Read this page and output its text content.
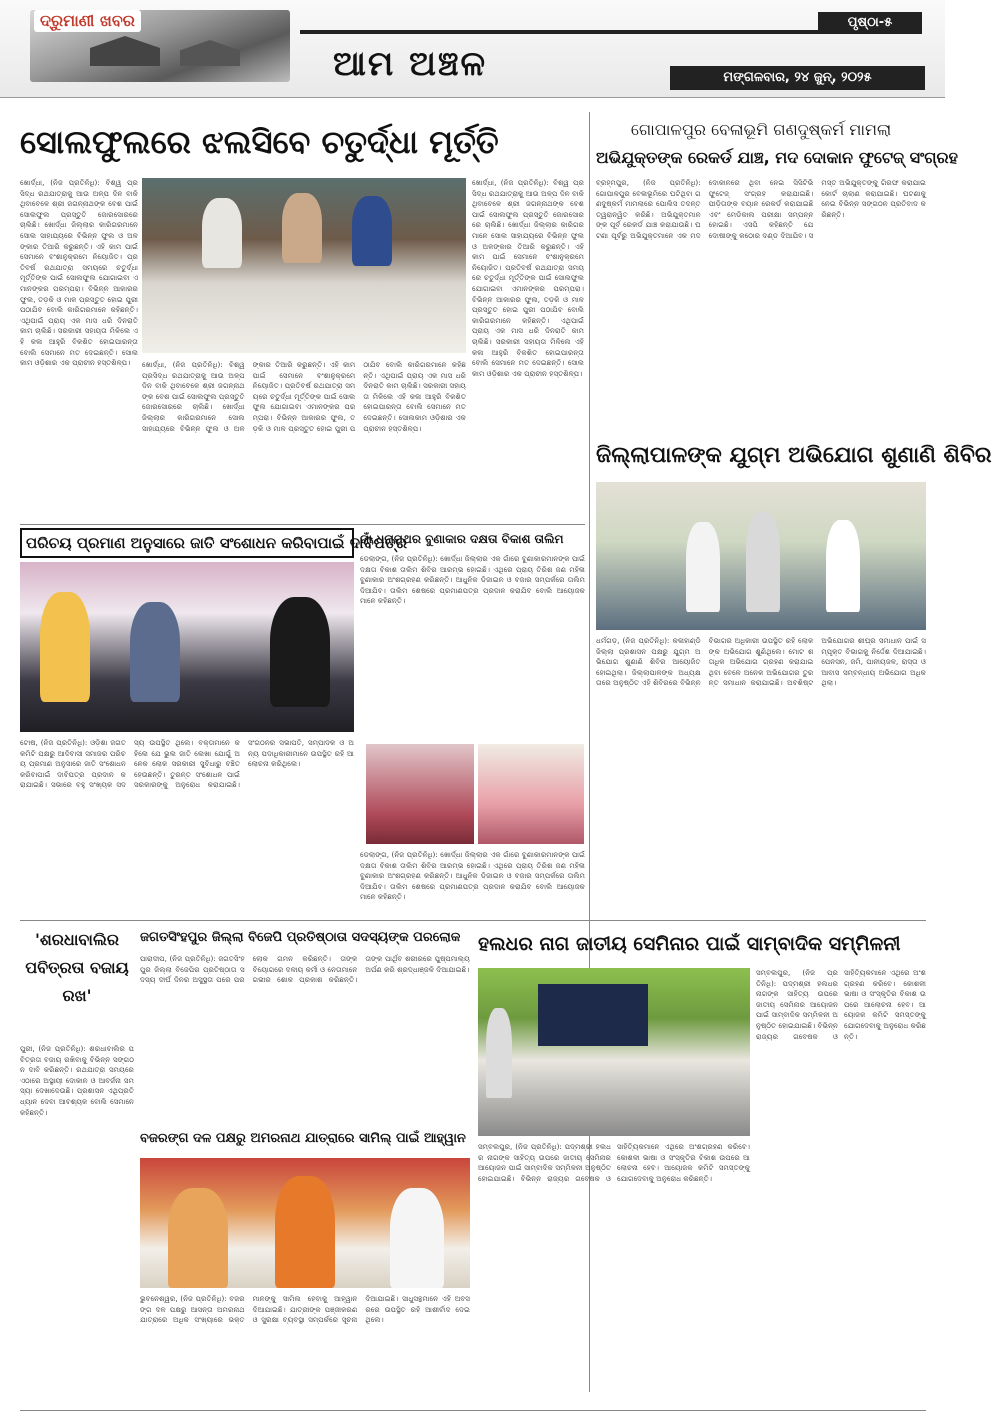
ଦ୍ରୁମାଣୀ ଖବର
ଆମ ଅଞ୍ଚଳ
ପୃଷ୍ଠା-୫
ମଙ୍ଗଳବାର, ୨୪ ଜୁନ୍, ୨୦୨୫
ସୋଲଫୁଲରେ ଝଲସିବେ ଚତୁର୍ଦ୍ଧା ମୂର୍ତ୍ତି
ଖୋର୍ଦ୍ଧା, (ନିଜ ପ୍ରତିନିଧି): ବିଶ୍ୱ ପ୍ରସିଦ୍ଧ ରଥଯାତ୍ରାକୁ ଆଉ ଅଳ୍ପ ଦିନ ବାକି ଥିବାବେଳେ ଶ୍ରୀ ଜଗନ୍ନାଥଙ୍କ ବେଶ ପାଇଁ ସୋଲଫୁଲ ପ୍ରସ୍ତୁତି ଜୋରସୋରରେ ଚାଲିଛି। ଖୋର୍ଦ୍ଧା ଜିଲ୍ଲାର କାରିଗରମାନେ ସୋଲ ସାହାଯ୍ୟରେ ବିଭିନ୍ନ ଫୁଲ ଓ ଅଳଙ୍କାର ତିଆରି କରୁଛନ୍ତି। ଏହି କାମ ପାଇଁ ସେମାନେ ବଂଶାନୁକ୍ରମେ ନିୟୋଜିତ। ପ୍ରତିବର୍ଷ ରଥଯାତ୍ରା ସମୟରେ ଚତୁର୍ଦ୍ଧା ମୂର୍ତ୍ତିଙ୍କ ପାଇଁ ସୋଲଫୁଲ ଯୋଗାଇବା ଏମାନଙ୍କର ପରମ୍ପରା। ବିଭିନ୍ନ ଆକାରର ଫୁଲ, ତଡ଼କି ଓ ମାଳ ପ୍ରସ୍ତୁତ ହୋଇ ପୁରୀ ପଠାଯିବ ବୋଲି କାରିଗରମାନେ କହିଛନ୍ତି। ଏଥିପାଇଁ ପ୍ରାୟ ଏକ ମାସ ଧରି ଦିନରାତି କାମ ଚାଲିଛି। ସରକାରୀ ସହାୟତା ମିଳିଲେ ଏହି କଳା ଆହୁରି ବିକଶିତ ହୋଇପାରନ୍ତା ବୋଲି ସେମାନେ ମତ ଦେଇଛନ୍ତି। ସୋଲକାମ ଓଡ଼ିଶାର ଏକ ପ୍ରାଚୀନ ହସ୍ତଶିଳ୍ପ।	ଖୋର୍ଦ୍ଧା, (ନିଜ ପ୍ରତିନିଧି): ବିଶ୍ୱ ପ୍ରସିଦ୍ଧ ରଥଯାତ୍ରାକୁ ଆଉ ଅଳ୍ପ ଦିନ ବାକି ଥିବାବେଳେ ଶ୍ରୀ ଜଗନ୍ନାଥଙ୍କ ବେଶ ପାଇଁ ସୋଲଫୁଲ ପ୍ରସ୍ତୁତି ଜୋରସୋରରେ ଚାଲିଛି। ଖୋର୍ଦ୍ଧା ଜିଲ୍ଲାର କାରିଗରମାନେ ସୋଲ ସାହାଯ୍ୟରେ ବିଭିନ୍ନ ଫୁଲ ଓ ଅଳଙ୍କାର ତିଆରି କରୁଛନ୍ତି। ଏହି କାମ ପାଇଁ ସେମାନେ ବଂଶାନୁକ୍ରମେ ନିୟୋଜିତ। ପ୍ରତିବର୍ଷ ରଥଯାତ୍ରା ସମୟରେ ଚତୁର୍ଦ୍ଧା ମୂର୍ତ୍ତିଙ୍କ ପାଇଁ ସୋଲଫୁଲ ଯୋଗାଇବା ଏମାନଙ୍କର ପରମ୍ପରା। ବିଭିନ୍ନ ଆକାରର ଫୁଲ, ତଡ଼କି ଓ ମାଳ ପ୍ରସ୍ତୁତ ହୋଇ ପୁରୀ ପଠାଯିବ ବୋଲି କାରିଗରମାନେ କହିଛନ୍ତି। ଏଥିପାଇଁ ପ୍ରାୟ ଏକ ମାସ ଧରି ଦିନରାତି କାମ ଚାଲିଛି। ସରକାରୀ ସହାୟତା ମିଳିଲେ ଏହି କଳା ଆହୁରି ବିକଶିତ ହୋଇପାରନ୍ତା ବୋଲି ସେମାନେ ମତ ଦେଇଛନ୍ତି। ସୋଲକାମ ଓଡ଼ିଶାର ଏକ ପ୍ରାଚୀନ ହସ୍ତଶିଳ୍ପ।
ଖୋର୍ଦ୍ଧା, (ନିଜ ପ୍ରତିନିଧି): ବିଶ୍ୱ ପ୍ରସିଦ୍ଧ ରଥଯାତ୍ରାକୁ ଆଉ ଅଳ୍ପ ଦିନ ବାକି ଥିବାବେଳେ ଶ୍ରୀ ଜଗନ୍ନାଥଙ୍କ ବେଶ ପାଇଁ ସୋଲଫୁଲ ପ୍ରସ୍ତୁତି ଜୋରସୋରରେ ଚାଲିଛି। ଖୋର୍ଦ୍ଧା ଜିଲ୍ଲାର କାରିଗରମାନେ ସୋଲ ସାହାଯ୍ୟରେ ବିଭିନ୍ନ ଫୁଲ ଓ ଅଳଙ୍କାର ତିଆରି କରୁଛନ୍ତି। ଏହି କାମ ପାଇଁ ସେମାନେ ବଂଶାନୁକ୍ରମେ ନିୟୋଜିତ। ପ୍ରତିବର୍ଷ ରଥଯାତ୍ରା ସମୟରେ ଚତୁର୍ଦ୍ଧା ମୂର୍ତ୍ତିଙ୍କ ପାଇଁ ସୋଲଫୁଲ ଯୋଗାଇବା ଏମାନଙ୍କର ପରମ୍ପରା। ବିଭିନ୍ନ ଆକାରର ଫୁଲ, ତଡ଼କି ଓ ମାଳ ପ୍ରସ୍ତୁତ ହୋଇ ପୁରୀ ପଠାଯିବ ବୋଲି କାରିଗରମାନେ କହିଛନ୍ତି। ଏଥିପାଇଁ ପ୍ରାୟ ଏକ ମାସ ଧରି ଦିନରାତି କାମ ଚାଲିଛି। ସରକାରୀ ସହାୟତା ମିଳିଲେ ଏହି କଳା ଆହୁରି ବିକଶିତ ହୋଇପାରନ୍ତା ବୋଲି ସେମାନେ ମତ ଦେଇଛନ୍ତି। ସୋଲକାମ ଓଡ଼ିଶାର ଏକ ପ୍ରାଚୀନ ହସ୍ତଶିଳ୍ପ।
ଗୋପାଳପୁର ବେଳାଭୂମି ଗଣଦୁଷ୍କର୍ମ ମାମଲା
ଅଭିଯୁକ୍ତଙ୍କ ରେକର୍ଡ ଯାଞ୍ଚ, ମଦ ଦୋକାନ ଫୁଟେଜ୍ ସଂଗ୍ରହ
ବ୍ରହ୍ମପୁର, (ନିଜ ପ୍ରତିନିଧି): ଗୋପାଳପୁର ବେଳାଭୂମିରେ ଘଟିଥିବା ଗଣଦୁଷ୍କର୍ମ ମାମଲାରେ ପୋଲିସ ତଦନ୍ତ ତ୍ୱରାନ୍ୱିତ କରିଛି। ଅଭିଯୁକ୍ତମାନଙ୍କ ପୂର୍ବ ରେକର୍ଡ ଯାଞ୍ଚ କରାଯାଉଛି। ଘଟଣା ପୂର୍ବରୁ ଅଭିଯୁକ୍ତମାନେ ଏକ ମଦ ଦୋକାନରେ ଥିବା ନେଇ ସିସିଟିଭି ଫୁଟେଜ୍ ସଂଗ୍ରହ କରାଯାଇଛି। ପୀଡ଼ିତାଙ୍କ ବୟାନ ରେକର୍ଡ କରାଯାଇଛି ଏବଂ ମେଡିକାଲ ପରୀକ୍ଷା ସମ୍ପନ୍ନ ହୋଇଛି। ଏସପି କହିଛନ୍ତି ଯେ ଦୋଷୀଙ୍କୁ କଠୋର ଦଣ୍ଡ ଦିଆଯିବ। ସମସ୍ତ ଅଭିଯୁକ୍ତଙ୍କୁ ଗିରଫ କରାଯାଇ କୋର୍ଟ ଚାଲାଣ କରାଯାଇଛି। ଘଟଣାକୁ ନେଇ ବିଭିନ୍ନ ସଙ୍ଗଠନ ପ୍ରତିବାଦ କରିଛନ୍ତି।
ଜିଲ୍ଲାପାଳଙ୍କ ଯୁଗ୍ମ ଅଭିଯୋଗ ଶୁଣାଣି ଶିବିର
ଧର୍ମଗଡ଼, (ନିଜ ପ୍ରତିନିଧି): କଳାହାଣ୍ଡି ଜିଲ୍ଲା ପ୍ରଶାସନ ପକ୍ଷରୁ ଯୁଗ୍ମ ଅଭିଯୋଗ ଶୁଣାଣି ଶିବିର ଆୟୋଜିତ ହୋଇଥିଲା। ଜିଲ୍ଲାପାଳଙ୍କ ଅଧ୍ୟକ୍ଷତାରେ ଅନୁଷ୍ଠିତ ଏହି ଶିବିରରେ ବିଭିନ୍ନ ବିଭାଗର ଅଧିକାରୀ ଉପସ୍ଥିତ ରହି ଲୋକଙ୍କ ଅଭିଯୋଗ ଶୁଣିଥିଲେ। ମୋଟ ଶତାଧିକ ଅଭିଯୋଗ ଗ୍ରହଣ କରାଯାଇଥିବା ବେଳେ ଅନେକ ଅଭିଯୋଗର ତୁରନ୍ତ ସମାଧାନ କରାଯାଇଛି। ଅବଶିଷ୍ଟ ଅଭିଯୋଗର ଶୀଘ୍ର ସମାଧାନ ପାଇଁ ସମ୍ପୃକ୍ତ ବିଭାଗକୁ ନିର୍ଦ୍ଦେଶ ଦିଆଯାଇଛି। ପେନସନ, ଜମି, ପାନୀୟଜଳ, ରାସ୍ତା ଓ ଆବାସ ସମ୍ବନ୍ଧୀୟ ଅଭିଯୋଗ ଅଧିକ ଥିଲା।
ପରିଚୟ ପ୍ରମାଣ ଅନୁସାରେ ଜାତି ସଂଶୋଧନ କରିବାପାଇଁ ଦାବିପତ୍ର
ଟୋଷ, (ନିଜ ପ୍ରତିନିଧି): ଓଡ଼ିଶା ଜଗତ କମିଟି ପକ୍ଷରୁ ଆଦିବାସୀ ସମାଜର ପରିଚୟ ପ୍ରମାଣ ଅନୁସାରେ ଜାତି ସଂଶୋଧନ କରିବାପାଇଁ ଦାବିପତ୍ର ପ୍ରଦାନ କରାଯାଇଛି। ସଭାରେ ବହୁ ସଂଖ୍ୟକ ସଦସ୍ୟ ଉପସ୍ଥିତ ଥିଲେ। ବକ୍ତାମାନେ କହିଲେ ଯେ ଭୁଲ ଜାତି ଲେଖା ଯୋଗୁଁ ଅନେକ ଲୋକ ସରକାରୀ ସୁବିଧାରୁ ବଞ୍ଚିତ ହେଉଛନ୍ତି। ତୁରନ୍ତ ସଂଶୋଧନ ପାଇଁ ସରକାରଙ୍କୁ ଅନୁରୋଧ କରାଯାଇଛି। ସଂଗଠନର ସଭାପତି, ସମ୍ପାଦକ ଓ ଅନ୍ୟ ପଦାଧିକାରୀମାନେ ଉପସ୍ଥିତ ରହି ଆଲୋଚନା କରିଥିଲେ।
ଗାଁ ଧନାପଥର ବୁଣାକାର ଦକ୍ଷତା ବିକାଶ ତାଲିମ
ଡେଲାଙ୍ଗ, (ନିଜ ପ୍ରତିନିଧି): ଖୋର୍ଦ୍ଧା ଜିଲ୍ଲାର ଏକ ଗାଁରେ ବୁଣାକାରମାନଙ୍କ ପାଇଁ ଦକ୍ଷତା ବିକାଶ ତାଲିମ ଶିବିର ଆରମ୍ଭ ହୋଇଛି। ଏଥିରେ ପ୍ରାୟ ତିରିଶ ଜଣ ମହିଳା ବୁଣାକାର ଅଂଶଗ୍ରହଣ କରିଛନ୍ତି। ଆଧୁନିକ ଡିଜାଇନ ଓ ବଜାର ସମ୍ପର୍କରେ ତାଲିମ ଦିଆଯିବ। ତାଲିମ ଶେଷରେ ପ୍ରମାଣପତ୍ର ପ୍ରଦାନ କରାଯିବ ବୋଲି ଆୟୋଜକମାନେ କହିଛନ୍ତି।
ଡେଲାଙ୍ଗ, (ନିଜ ପ୍ରତିନିଧି): ଖୋର୍ଦ୍ଧା ଜିଲ୍ଲାର ଏକ ଗାଁରେ ବୁଣାକାରମାନଙ୍କ ପାଇଁ ଦକ୍ଷତା ବିକାଶ ତାଲିମ ଶିବିର ଆରମ୍ଭ ହୋଇଛି। ଏଥିରେ ପ୍ରାୟ ତିରିଶ ଜଣ ମହିଳା ବୁଣାକାର ଅଂଶଗ୍ରହଣ କରିଛନ୍ତି। ଆଧୁନିକ ଡିଜାଇନ ଓ ବଜାର ସମ୍ପର୍କରେ ତାଲିମ ଦିଆଯିବ। ତାଲିମ ଶେଷରେ ପ୍ରମାଣପତ୍ର ପ୍ରଦାନ କରାଯିବ ବୋଲି ଆୟୋଜକମାନେ କହିଛନ୍ତି।
'ଶରଧାବାଲିର ପବିତ୍ରତା ବଜାୟ ରଖ'
ପୁରୀ, (ନିଜ ପ୍ରତିନିଧି): ଶରଧାବାଲିର ପବିତ୍ରତା ବଜାୟ ରଖିବାକୁ ବିଭିନ୍ନ ସଙ୍ଗଠନ ଦାବି କରିଛନ୍ତି। ରଥଯାତ୍ରା ସମୟରେ ଏଠାରେ ଅସ୍ଥାୟୀ ଦୋକାନ ଓ ଆବର୍ଜନା ସମସ୍ୟା ଦେଖାଦେଉଛି। ପ୍ରଶାସନ ଏଥିପ୍ରତି ଧ୍ୟାନ ଦେବା ଆବଶ୍ୟକ ବୋଲି ସେମାନେ କହିଛନ୍ତି।
ଜଗତସିଂହପୁର ଜିଲ୍ଲା ବିଜେପି ପ୍ରତିଷ୍ଠାତା ସଦସ୍ୟଙ୍କ ପରଲୋକ
ପାରାଦୀପ, (ନିଜ ପ୍ରତିନିଧି): ଜଗତସିଂହପୁର ଜିଲ୍ଲା ବିଜେପିର ପ୍ରତିଷ୍ଠାତା ସଦସ୍ୟ ଦୀର୍ଘ ଦିନର ଅସୁସ୍ଥତା ପରେ ପରଲୋକ ଗମନ କରିଛନ୍ତି। ତାଙ୍କ ବିୟୋଗରେ ଦଳୀୟ କର୍ମୀ ଓ ନେତାମାନେ ଗଭୀର ଶୋକ ପ୍ରକାଶ କରିଛନ୍ତି। ତାଙ୍କ ପାର୍ଥିବ ଶରୀରରେ ପୁଷ୍ପମାଲ୍ୟ ଅର୍ପଣ କରି ଶ୍ରଦ୍ଧାଞ୍ଜଳି ଦିଆଯାଇଛି।
ବଜରଙ୍ଗ ଦଳ ପକ୍ଷରୁ ଅମରନାଥ ଯାତ୍ରାରେ ସାମିଲ୍ ପାଇଁ ଆହ୍ୱାନ
ଭୁବନେଶ୍ୱର, (ନିଜ ପ୍ରତିନିଧି): ବଜରଙ୍ଗ ଦଳ ପକ୍ଷରୁ ଆସନ୍ତା ଅମରନାଥ ଯାତ୍ରାରେ ଅଧିକ ସଂଖ୍ୟାରେ ଭକ୍ତମାନଙ୍କୁ ସାମିଲ ହେବାକୁ ଆହ୍ୱାନ ଦିଆଯାଇଛି। ଯାତ୍ରୀଙ୍କ ପଞ୍ଜୀକରଣ ଓ ସୁରକ୍ଷା ବ୍ୟବସ୍ଥା ସମ୍ପର୍କରେ ସୂଚନା ଦିଆଯାଇଛି। ସାଧୁସନ୍ଥମାନେ ଏହି ଅବସରରେ ଉପସ୍ଥିତ ରହି ଆଶୀର୍ବାଦ ଦେଇଥିଲେ।
ହଲଧର ନାଗ ଜାତୀୟ ସେମିନାର ପାଇଁ ସାମ୍ବାଦିକ ସମ୍ମିଳନୀ
ସମ୍ବଲପୁର, (ନିଜ ପ୍ରତିନିଧି): ପଦ୍ମଶ୍ରୀ ହଲଧର ନାଗଙ୍କ ସାହିତ୍ୟ ଉପରେ ଜାତୀୟ ସେମିନାର ଆୟୋଜନ ପାଇଁ ସାମ୍ବାଦିକ ସମ୍ମିଳନୀ ଅନୁଷ୍ଠିତ ହୋଇଯାଇଛି। ବିଭିନ୍ନ ରାଜ୍ୟର ଗବେଷକ ଓ ସାହିତ୍ୟିକମାନେ ଏଥିରେ ଅଂଶଗ୍ରହଣ କରିବେ। କୋଶଳୀ ଭାଷା ଓ ସଂସ୍କୃତିର ବିକାଶ ଉପରେ ଆଲୋଚନା ହେବ। ଆୟୋଜକ କମିଟି ସମସ୍ତଙ୍କୁ ଯୋଗଦେବାକୁ ଅନୁରୋଧ କରିଛନ୍ତି।
ସମ୍ବଲପୁର, (ନିଜ ପ୍ରତିନିଧି): ପଦ୍ମଶ୍ରୀ ହଲଧର ନାଗଙ୍କ ସାହିତ୍ୟ ଉପରେ ଜାତୀୟ ସେମିନାର ଆୟୋଜନ ପାଇଁ ସାମ୍ବାଦିକ ସମ୍ମିଳନୀ ଅନୁଷ୍ଠିତ ହୋଇଯାଇଛି। ବିଭିନ୍ନ ରାଜ୍ୟର ଗବେଷକ ଓ ସାହିତ୍ୟିକମାନେ ଏଥିରେ ଅଂଶଗ୍ରହଣ କରିବେ। କୋଶଳୀ ଭାଷା ଓ ସଂସ୍କୃତିର ବିକାଶ ଉପରେ ଆଲୋଚନା ହେବ। ଆୟୋଜକ କମିଟି ସମସ୍ତଙ୍କୁ ଯୋଗଦେବାକୁ ଅନୁରୋଧ କରିଛନ୍ତି।
